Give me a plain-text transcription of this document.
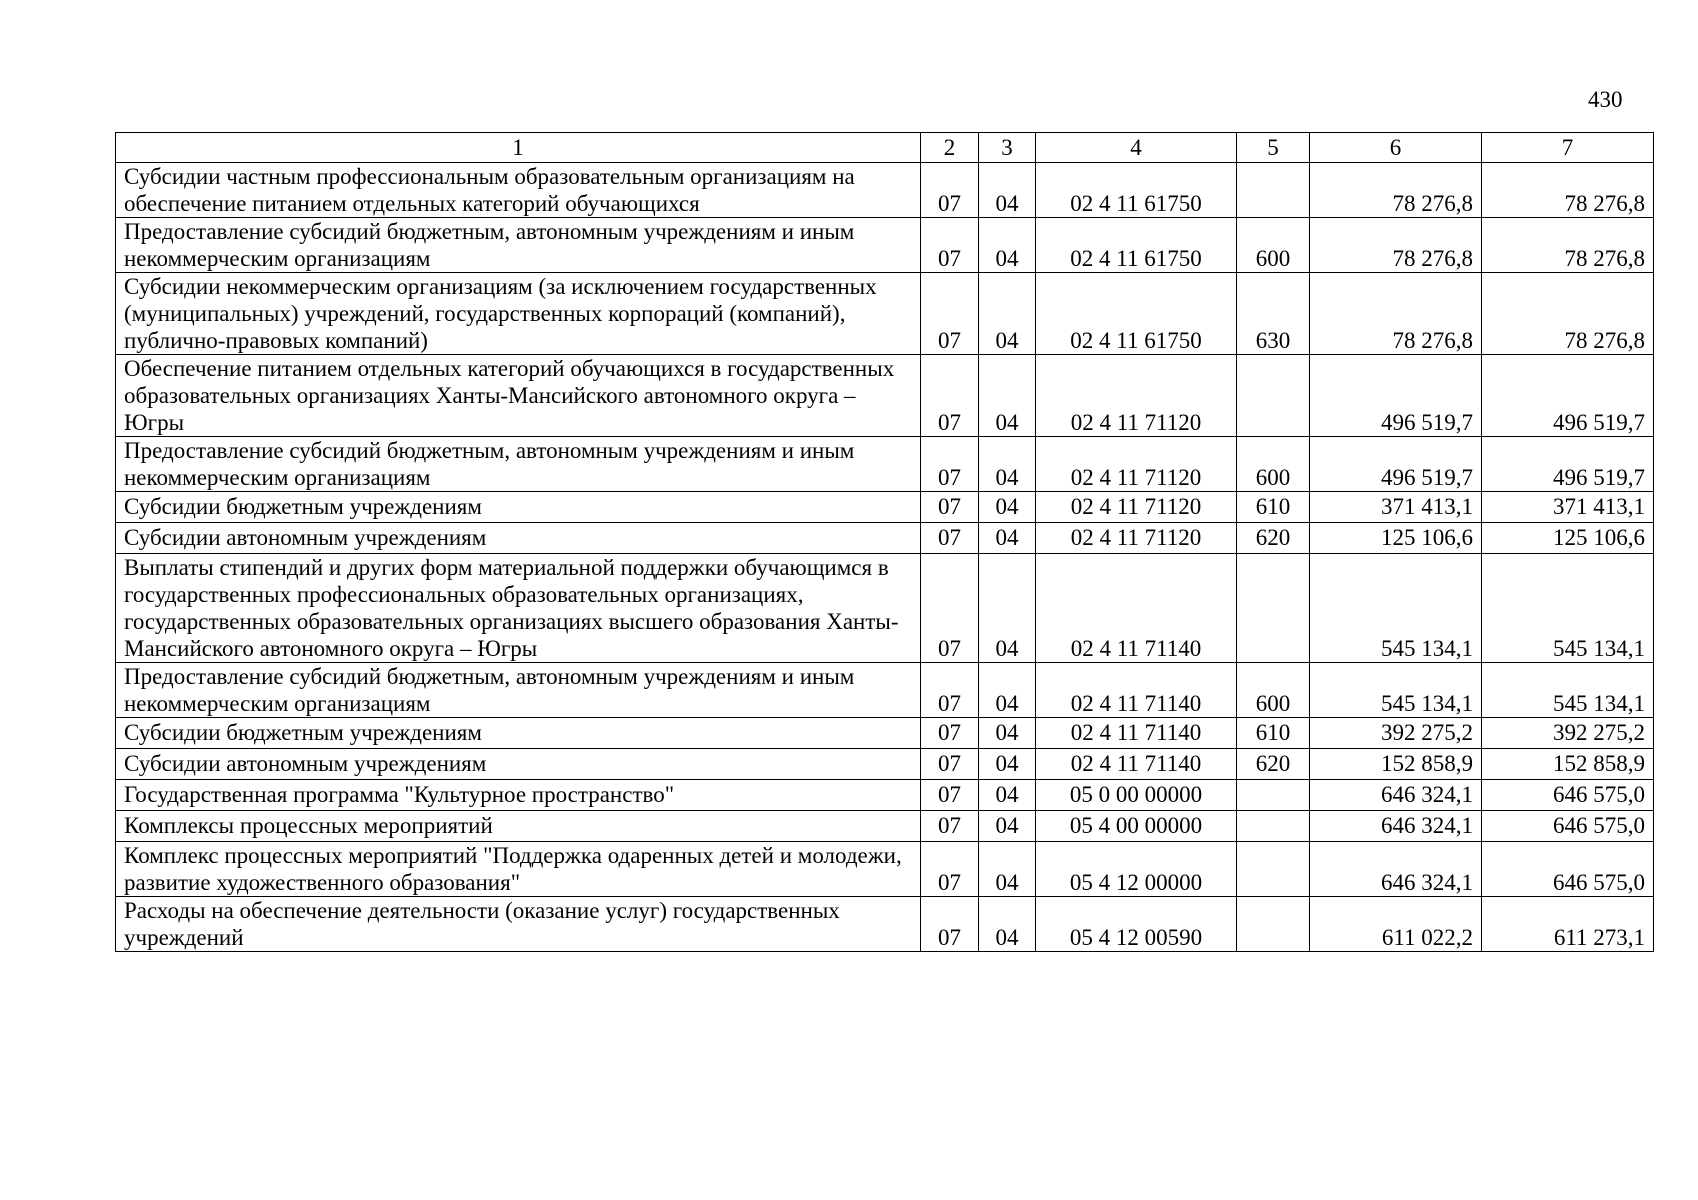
430
1	2	3	4	5	6	7
Субсидии частным профессиональным образовательным организациям на обеспечение питанием отдельных категорий обучающихся	07	04	02 4 11 61750		78 276,8	78 276,8
Предоставление субсидий бюджетным, автономным учреждениям и иным некоммерческим организациям	07	04	02 4 11 61750	600	78 276,8	78 276,8
Субсидии некоммерческим организациям (за исключением государственных (муниципальных) учреждений, государственных корпораций (компаний), публично-правовых компаний)	07	04	02 4 11 61750	630	78 276,8	78 276,8
Обеспечение питанием отдельных категорий обучающихся в государственных образовательных организациях Ханты-Мансийского автономного округа – Югры	07	04	02 4 11 71120		496 519,7	496 519,7
Предоставление субсидий бюджетным, автономным учреждениям и иным некоммерческим организациям	07	04	02 4 11 71120	600	496 519,7	496 519,7
Субсидии бюджетным учреждениям	07	04	02 4 11 71120	610	371 413,1	371 413,1
Субсидии автономным учреждениям	07	04	02 4 11 71120	620	125 106,6	125 106,6
Выплаты стипендий и других форм материальной поддержки обучающимся в государственных профессиональных образовательных организациях, государственных образовательных организациях высшего образования Ханты-Мансийского автономного округа – Югры	07	04	02 4 11 71140		545 134,1	545 134,1
Предоставление субсидий бюджетным, автономным учреждениям и иным некоммерческим организациям	07	04	02 4 11 71140	600	545 134,1	545 134,1
Субсидии бюджетным учреждениям	07	04	02 4 11 71140	610	392 275,2	392 275,2
Субсидии автономным учреждениям	07	04	02 4 11 71140	620	152 858,9	152 858,9
Государственная программа "Культурное пространство"	07	04	05 0 00 00000		646 324,1	646 575,0
Комплексы процессных мероприятий	07	04	05 4 00 00000		646 324,1	646 575,0
Комплекс процессных мероприятий "Поддержка одаренных детей и молодежи, развитие художественного образования"	07	04	05 4 12 00000		646 324,1	646 575,0
Расходы на обеспечение деятельности (оказание услуг) государственных учреждений	07	04	05 4 12 00590		611 022,2	611 273,1
